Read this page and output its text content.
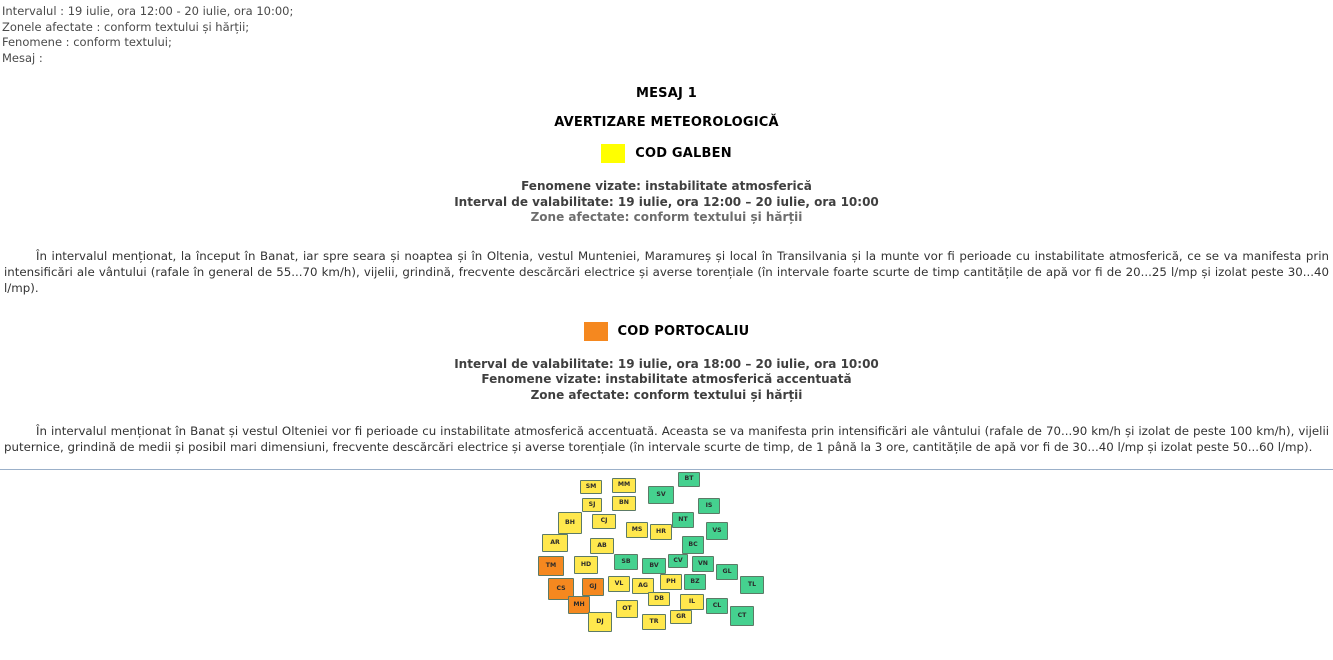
Intervalul : 19 iulie, ora 12:00 - 20 iulie, ora 10:00;
Zonele afectate : conform textului și hărții;
Fenomene : conform textului;
Mesaj :
MESAJ 1
AVERTIZARE METEOROLOGICĂ
COD GALBEN
Fenomene vizate: instabilitate atmosferică
Interval de valabilitate: 19 iulie, ora 12:00 – 20 iulie, ora 10:00
Zone afectate: conform textului și hărții
În intervalul menționat, la început în Banat, iar spre seara și noaptea și în Oltenia, vestul Munteniei, Maramureș și local în Transilvania și la munte vor fi perioade cu instabilitate atmosferică, ce se va manifesta prin intensificări ale vântului (rafale în general de 55...70 km/h), vijelii, grindină, frecvente descărcări electrice și averse torențiale (în intervale foarte scurte de timp cantitățile de apă vor fi de 20...25 l/mp și izolat peste 30...40 l/mp).
COD PORTOCALIU
Interval de valabilitate: 19 iulie, ora 18:00 – 20 iulie, ora 10:00
Fenomene vizate: instabilitate atmosferică accentuată
Zone afectate: conform textului și hărții
În intervalul menționat în Banat și vestul Olteniei vor fi perioade cu instabilitate atmosferică accentuată. Aceasta se va manifesta prin intensificări ale vântului (rafale de 70...90 km/h și izolat de peste 100 km/h), vijelii puternice, grindină de medii și posibil mari dimensiuni, frecvente descărcări electrice și averse torențiale (în intervale scurte de timp, de 1 până la 3 ore, cantitățile de apă vor fi de 30...40 l/mp și izolat peste 50...60 l/mp).
SM	MM
SV
BT
SJ	BN	IS
BH	CJ	NT
MS	HR	VS
AR	AB	BC
TM	HD	SB
BV
CV	VN
GL
CS	GJ	VL	AG
PH	BZ	TL
DB
MH
OT
IL
CL
DJ	TR
GR	CT
